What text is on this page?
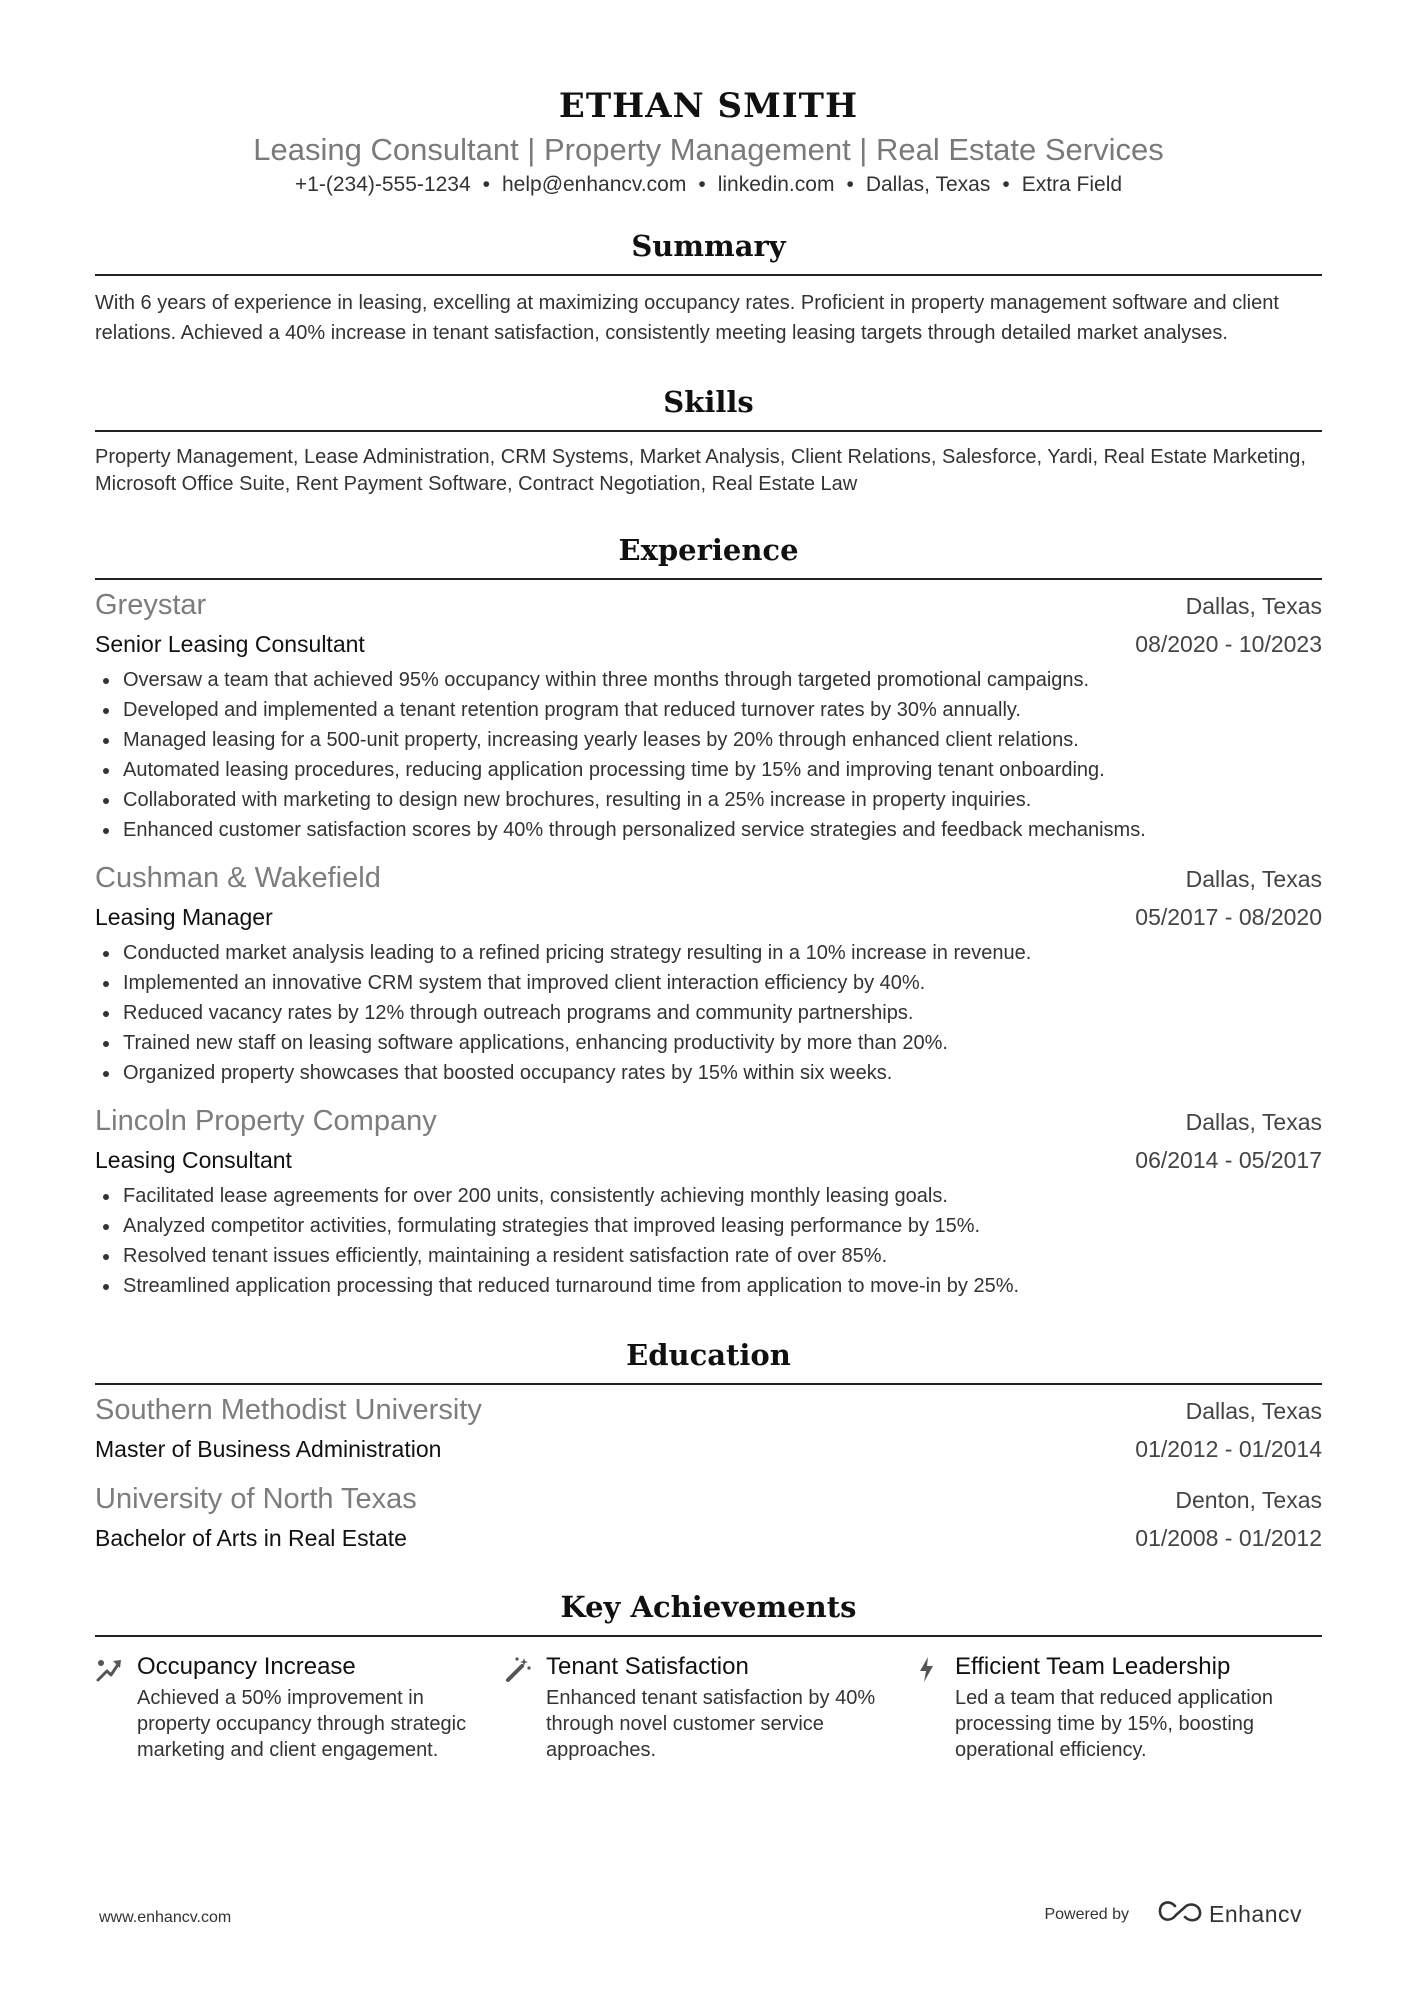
ETHAN SMITH
Leasing Consultant | Property Management | Real Estate Services
+1-(234)-555-1234 • help@enhancv.com • linkedin.com • Dallas, Texas • Extra Field
Summary
With 6 years of experience in leasing, excelling at maximizing occupancy rates. Proficient in property management software and client relations. Achieved a 40% increase in tenant satisfaction, consistently meeting leasing targets through detailed market analyses.
Skills
Property Management, Lease Administration, CRM Systems, Market Analysis, Client Relations, Salesforce, Yardi, Real Estate Marketing, Microsoft Office Suite, Rent Payment Software, Contract Negotiation, Real Estate Law
Experience
Greystar	Dallas, Texas
Senior Leasing Consultant	08/2020 - 10/2023
Oversaw a team that achieved 95% occupancy within three months through targeted promotional campaigns.
Developed and implemented a tenant retention program that reduced turnover rates by 30% annually.
Managed leasing for a 500-unit property, increasing yearly leases by 20% through enhanced client relations.
Automated leasing procedures, reducing application processing time by 15% and improving tenant onboarding.
Collaborated with marketing to design new brochures, resulting in a 25% increase in property inquiries.
Enhanced customer satisfaction scores by 40% through personalized service strategies and feedback mechanisms.
Cushman & Wakefield	Dallas, Texas
Leasing Manager	05/2017 - 08/2020
Conducted market analysis leading to a refined pricing strategy resulting in a 10% increase in revenue.
Implemented an innovative CRM system that improved client interaction efficiency by 40%.
Reduced vacancy rates by 12% through outreach programs and community partnerships.
Trained new staff on leasing software applications, enhancing productivity by more than 20%.
Organized property showcases that boosted occupancy rates by 15% within six weeks.
Lincoln Property Company	Dallas, Texas
Leasing Consultant	06/2014 - 05/2017
Facilitated lease agreements for over 200 units, consistently achieving monthly leasing goals.
Analyzed competitor activities, formulating strategies that improved leasing performance by 15%.
Resolved tenant issues efficiently, maintaining a resident satisfaction rate of over 85%.
Streamlined application processing that reduced turnaround time from application to move-in by 25%.
Education
Southern Methodist University	Dallas, Texas
Master of Business Administration	01/2012 - 01/2014
University of North Texas	Denton, Texas
Bachelor of Arts in Real Estate	01/2008 - 01/2012
Key Achievements
Occupancy Increase
Achieved a 50% improvement in property occupancy through strategic marketing and client engagement.
Tenant Satisfaction
Enhanced tenant satisfaction by 40% through novel customer service approaches.
Efficient Team Leadership
Led a team that reduced application processing time by 15%, boosting operational efficiency.
www.enhancv.com	Powered by	Enhancv
